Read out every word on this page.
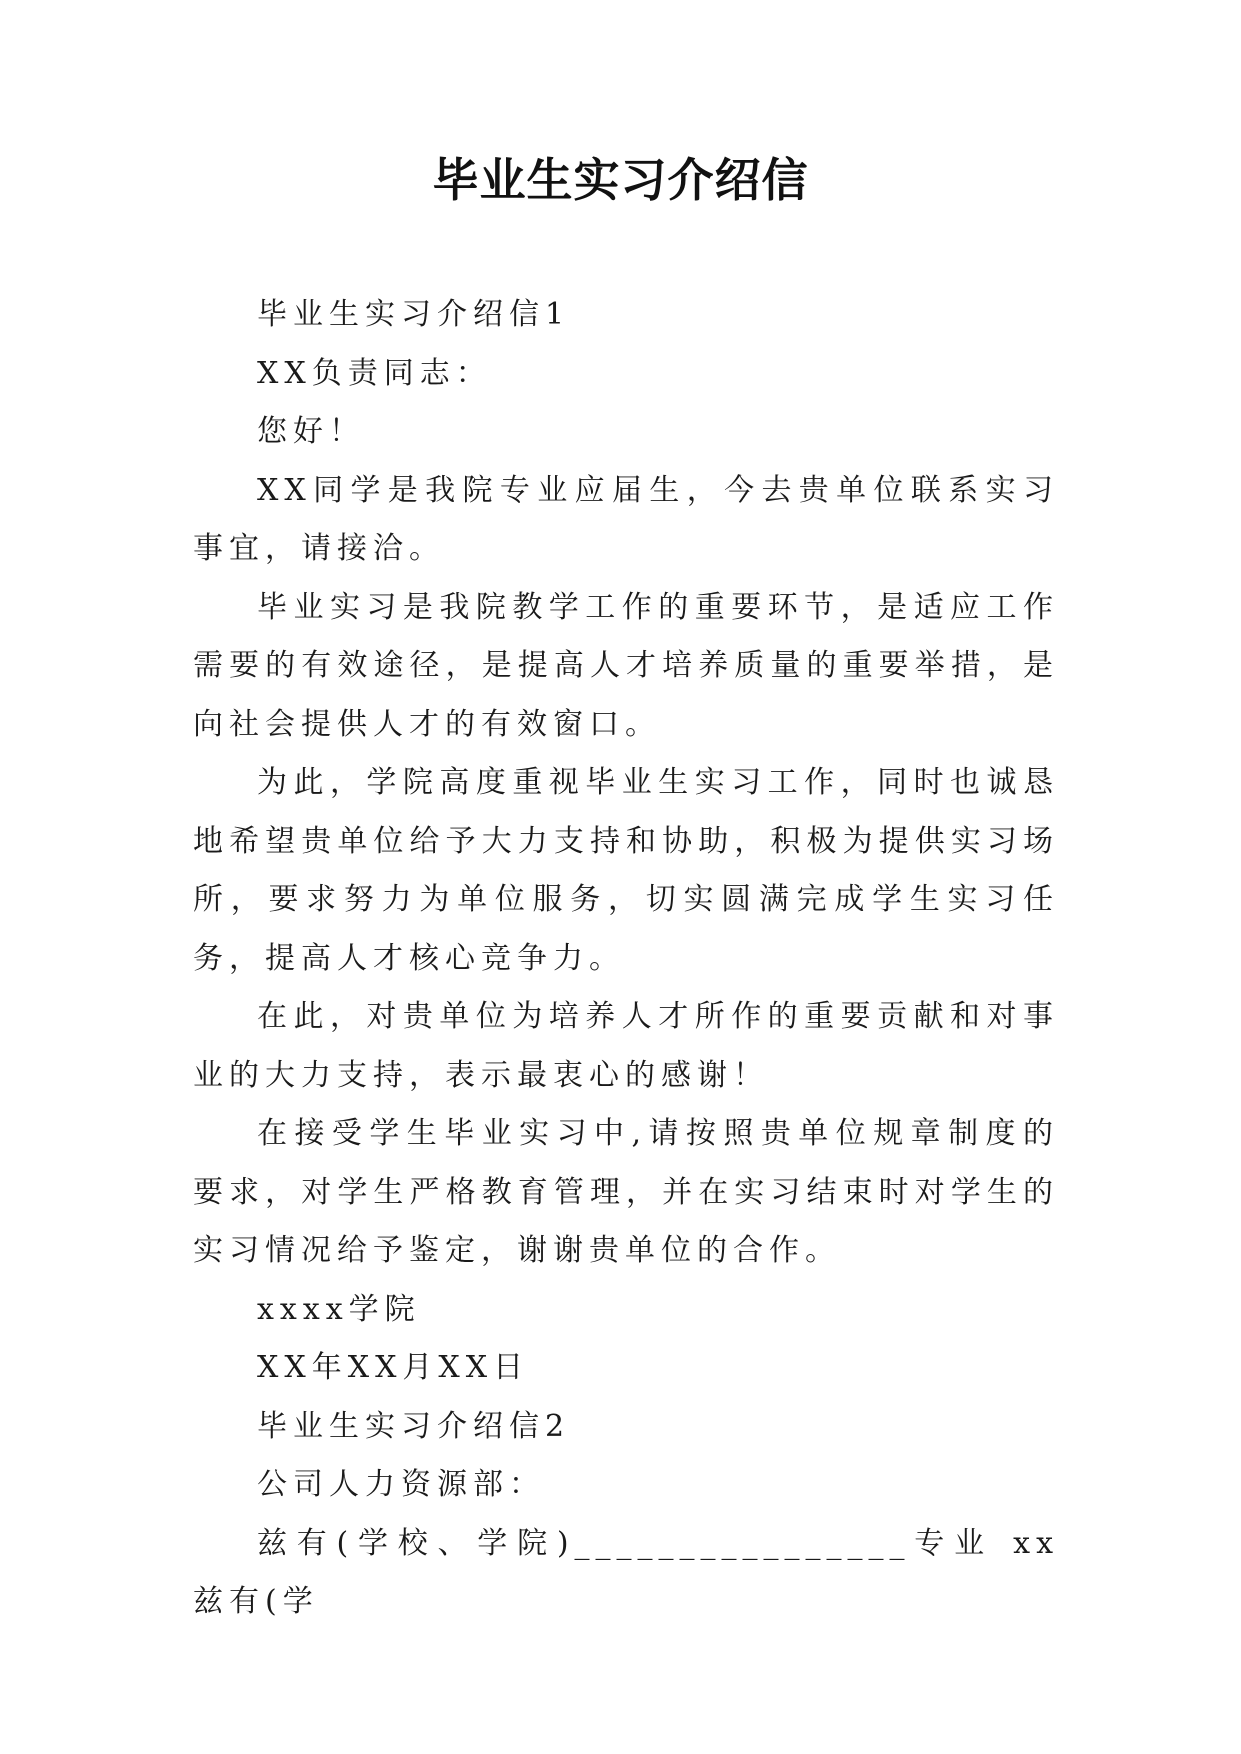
毕业生实习介绍信

毕业生实习介绍信1

XX负责同志：

您好！

XX同学是我院专业应届生，今去贵单位联系实习事宜，请接洽。

毕业实习是我院教学工作的重要环节，是适应工作需要的有效途径，是提高人才培养质量的重要举措，是向社会提供人才的有效窗口。

为此，学院高度重视毕业生实习工作，同时也诚恳地希望贵单位给予大力支持和协助，积极为提供实习场所，要求努力为单位服务，切实圆满完成学生实习任务，提高人才核心竞争力。

在此，对贵单位为培养人才所作的重要贡献和对事业的大力支持，表示最衷心的感谢！

在接受学生毕业实习中,请按照贵单位规章制度的要求，对学生严格教育管理，并在实习结束时对学生的实习情况给予鉴定，谢谢贵单位的合作。

xxxx学院

XX年XX月XX日

毕业生实习介绍信2

公司人力资源部：

兹有(学校、学院)________________专业 xx 兹有(学
